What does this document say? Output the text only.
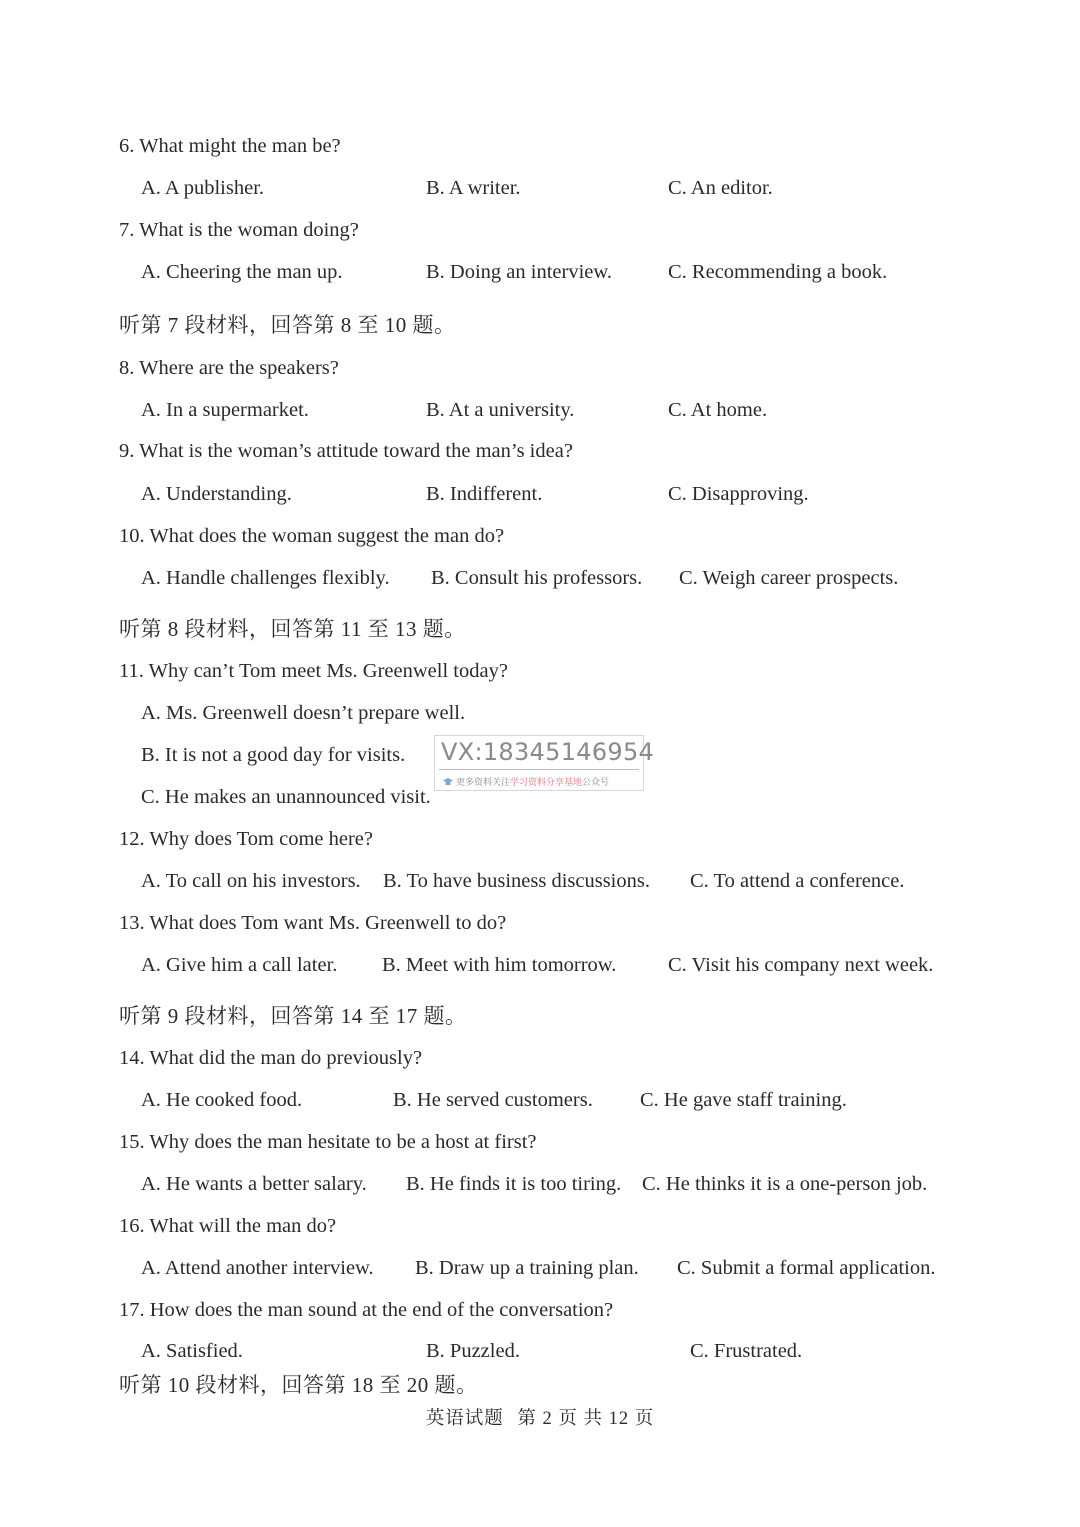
6. What might the man be?
A. A publisher.	B. A writer.	C. An editor.
7. What is the woman doing?
A. Cheering the man up.	B. Doing an interview.	C. Recommending a book.
听第 7 段材料，回答第 8 至 10 题。
8. Where are the speakers?
A. In a supermarket.	B. At a university.	C. At home.
9. What is the woman’s attitude toward the man’s idea?
A. Understanding.	B. Indifferent.	C. Disapproving.
10. What does the woman suggest the man do?
A. Handle challenges flexibly. B. Consult his professors. C. Weigh career prospects.
听第 8 段材料，回答第 11 至 13 题。
11. Why can’t Tom meet Ms. Greenwell today?
A. Ms. Greenwell doesn’t prepare well.
B. It is not a good day for visits.
C. He makes an unannounced visit.
VX:18345146954
更多资料关注学习资料分享基地公众号
12. Why does Tom come here?
A. To call on his investors. B. To have business discussions. C. To attend a conference.
13. What does Tom want Ms. Greenwell to do?
A. Give him a call later. B. Meet with him tomorrow.	C. Visit his company next week.
听第 9 段材料，回答第 14 至 17 题。
14. What did the man do previously?
A. He cooked food.	B. He served customers. C. He gave staff training.
15. Why does the man hesitate to be a host at first?
A. He wants a better salary. B. He finds it is too tiring. C. He thinks it is a one-person job.
16. What will the man do?
A. Attend another interview. B. Draw up a training plan. C. Submit a formal application.
17. How does the man sound at the end of the conversation?
A. Satisfied.	B. Puzzled.	C. Frustrated.
听第 10 段材料，回答第 18 至 20 题。
英语试题 第 2 页 共 12 页
